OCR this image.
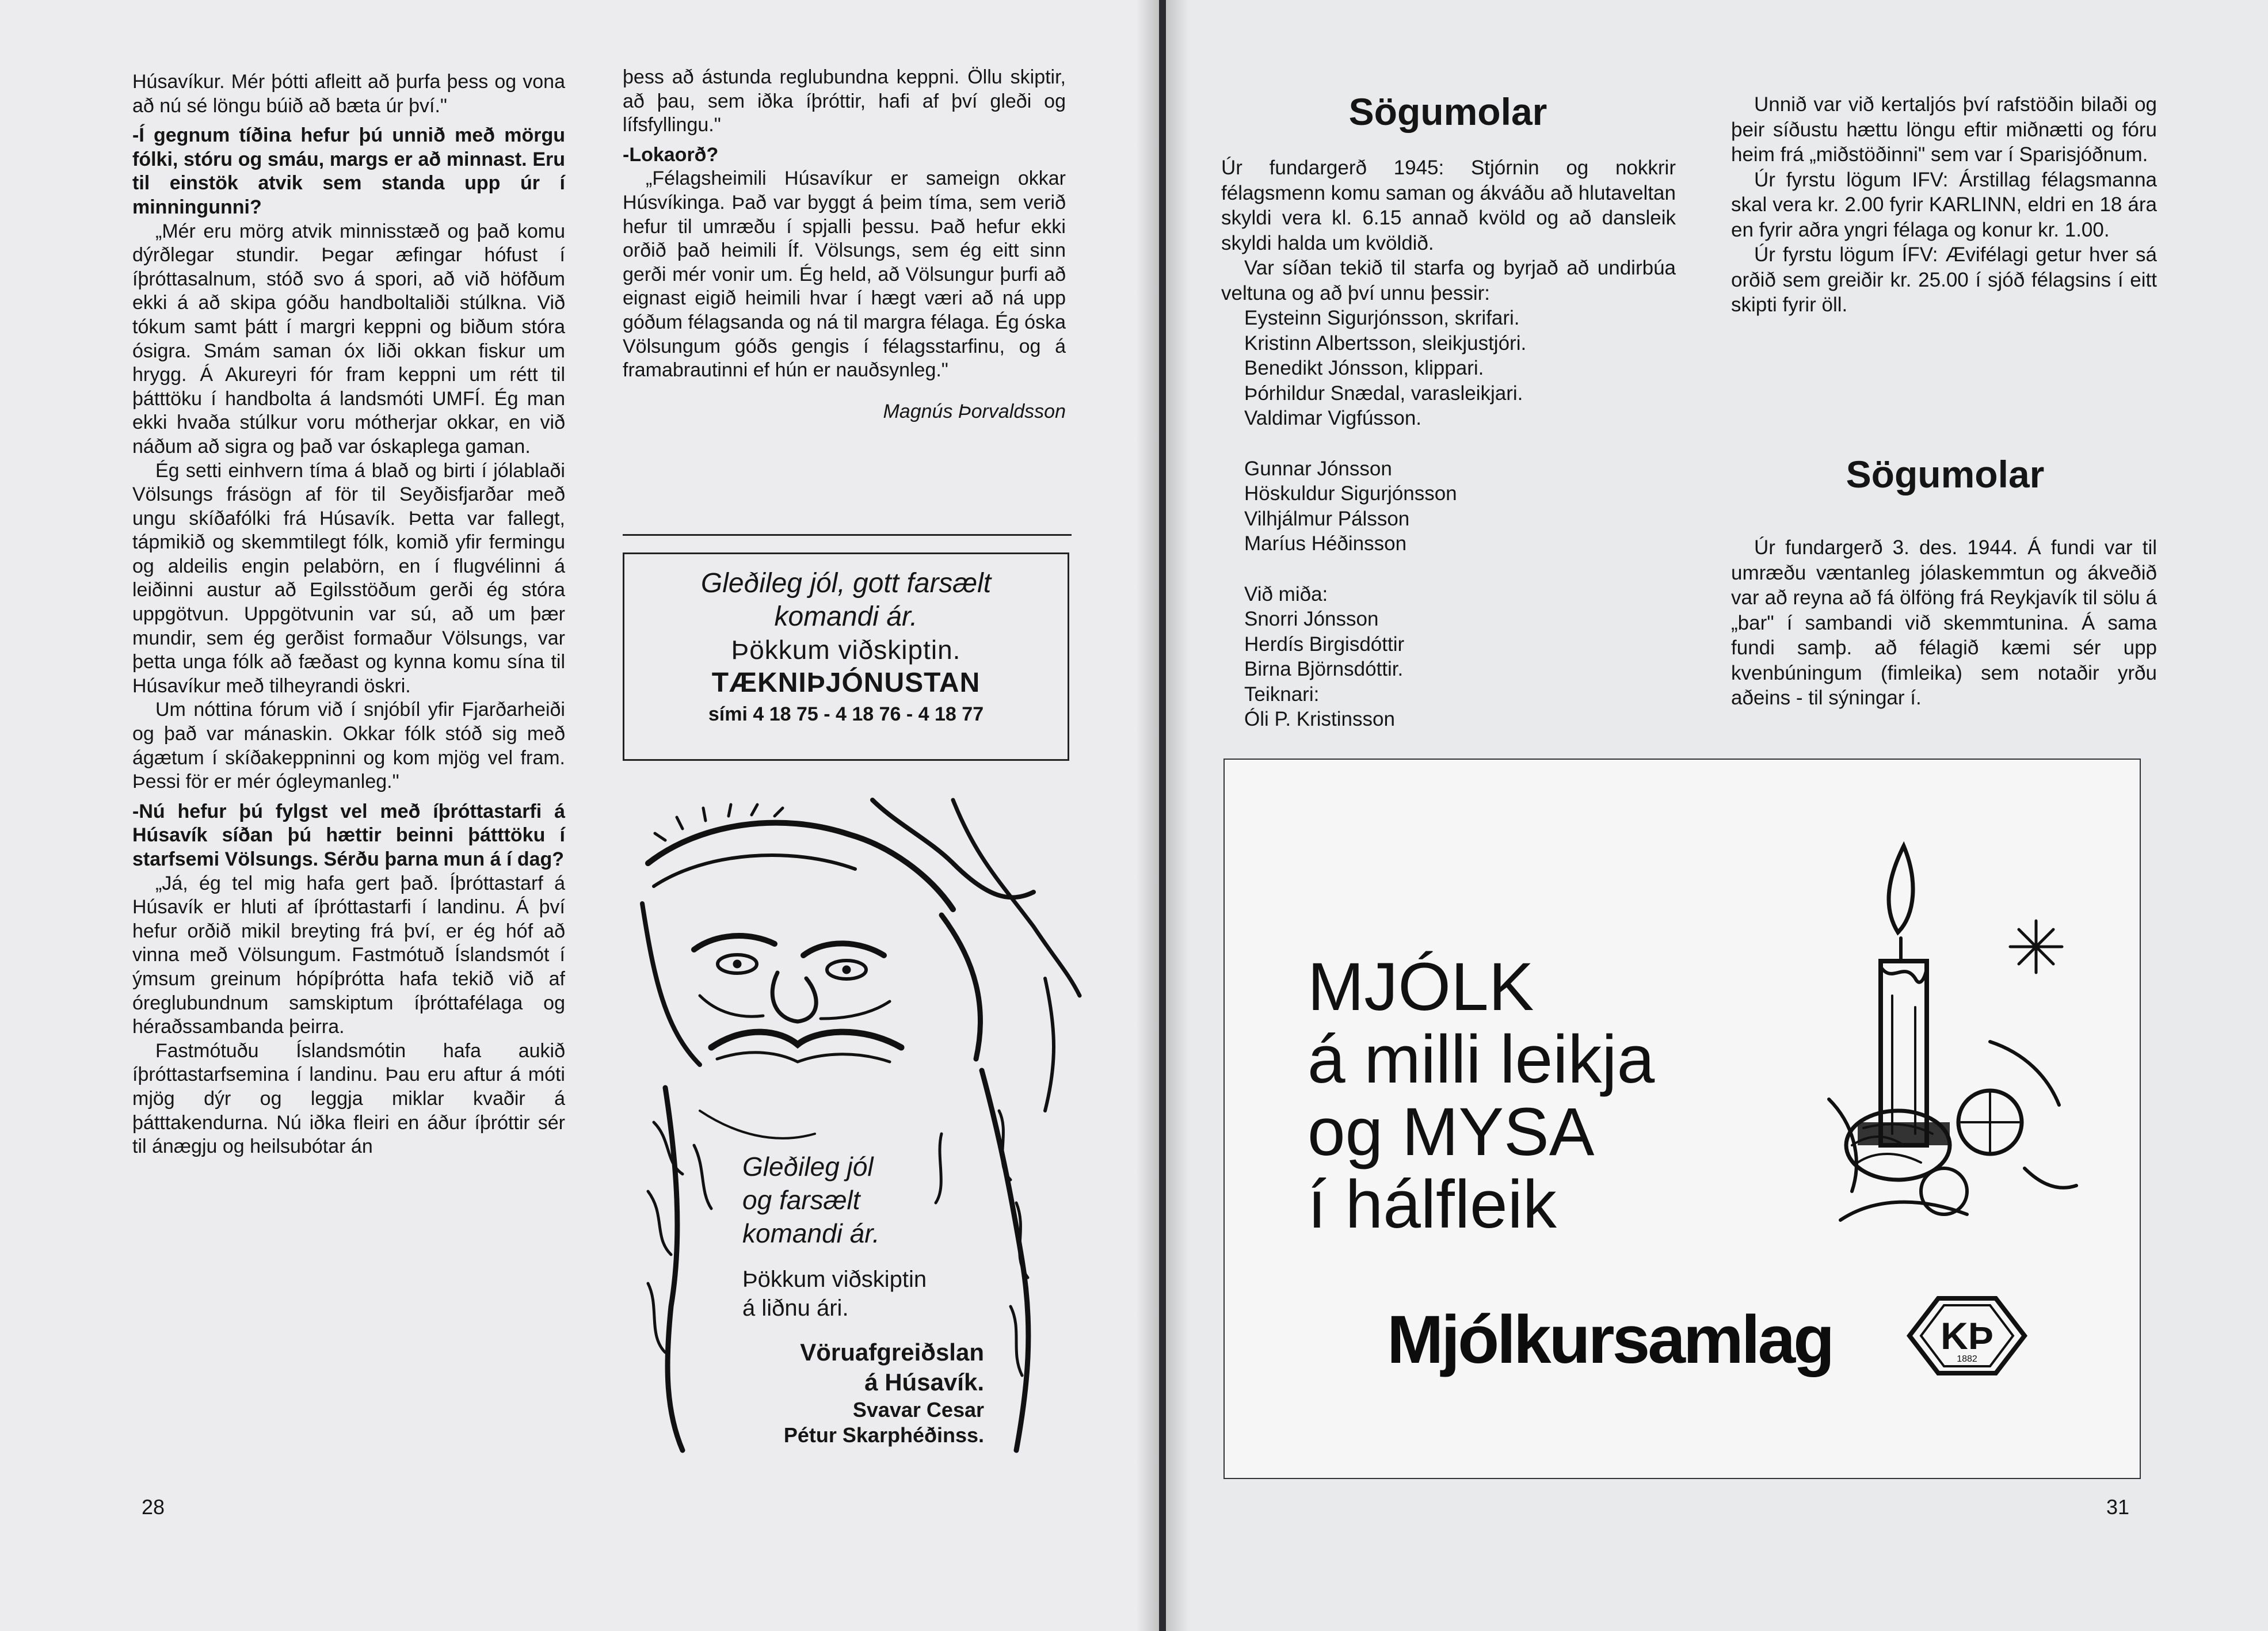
Húsavíkur. Mér þótti afleitt að þurfa þess og vona að nú sé löngu búið að bæta úr því."

-Í gegnum tíðina hefur þú unnið með mörgu fólki, stóru og smáu, margs er að minnast. Eru til einstök atvik sem standa upp úr í minningunni?

„Mér eru mörg atvik minnisstæð og það komu dýrðlegar stundir. Þegar æfingar hófust í íþróttasalnum, stóð svo á spori, að við höfðum ekki á að skipa góðu handboltaliði stúlkna. Við tókum samt þátt í margri keppni og biðum stóra ósigra. Smám saman óx liði okkan fiskur um hrygg. Á Akureyri fór fram keppni um rétt til þátttöku í handbolta á landsmóti UMFÍ. Ég man ekki hvaða stúlkur voru mótherjar okkar, en við náðum að sigra og það var óskaplega gaman.

Ég setti einhvern tíma á blað og birti í jólablaði Völsungs frásögn af för til Seyðisfjarðar með ungu skíðafólki frá Húsavík. Þetta var fallegt, tápmikið og skemmtilegt fólk, komið yfir fermingu og aldeilis engin pelabörn, en í flugvélinni á leiðinni austur að Egilsstöðum gerði ég stóra uppgötvun. Uppgötvunin var sú, að um þær mundir, sem ég gerðist formaður Völsungs, var þetta unga fólk að fæðast og kynna komu sína til Húsavíkur með tilheyrandi öskri.

Um nóttina fórum við í snjóbíl yfir Fjarðarheiði og það var mánaskin. Okkar fólk stóð sig með ágætum í skíðakeppninni og kom mjög vel fram. Þessi för er mér ógleymanleg."

-Nú hefur þú fylgst vel með íþróttastarfi á Húsavík síðan þú hættir beinni þátttöku í starfsemi Völsungs. Sérðu þarna mun á í dag?

„Já, ég tel mig hafa gert það. Íþróttastarf á Húsavík er hluti af íþróttastarfi í landinu. Á því hefur orðið mikil breyting frá því, er ég hóf að vinna með Völsungum. Fastmótuð Íslandsmót í ýmsum greinum hópíþrótta hafa tekið við af óreglubundnum samskiptum íþróttafélaga og héraðssambanda þeirra.

Fastmótuðu Íslandsmótin hafa aukið íþróttastarfsemina í landinu. Þau eru aftur á móti mjög dýr og leggja miklar kvaðir á þátttakendurna. Nú iðka fleiri en áður íþróttir sér til ánægju og heilsubótar án

þess að ástunda reglubundna keppni. Öllu skiptir, að þau, sem iðka íþróttir, hafi af því gleði og lífsfyllingu."

-Lokaorð?

„Félagsheimili Húsavíkur er sameign okkar Húsvíkinga. Það var byggt á þeim tíma, sem verið hefur til umræðu í spjalli þessu. Það hefur ekki orðið það heimili Íf. Völsungs, sem ég eitt sinn gerði mér vonir um. Ég held, að Völsungur þurfi að eignast eigið heimili hvar í hægt væri að ná upp góðum félagsanda og ná til margra félaga. Ég óska Völsungum góðs gengis í félagsstarfinu, og á framabrautinni ef hún er nauðsynleg."

Magnús Þorvaldsson
Gleðileg jól, gott farsælt
komandi ár.
Þökkum viðskiptin.
TÆKNIÞJÓNUSTAN
sími 4 18 75 - 4 18 76 - 4 18 77
Gleðileg jól
og farsælt
komandi ár.
Þökkum viðskiptin
á liðnu ári.
Vöruafgreiðslan
á Húsavík.
Svavar Cesar
Pétur Skarphéðinss.
28
Sögumolar

Úr fundargerð 1945: Stjórnin og nokkrir félagsmenn komu saman og ákváðu að hlutaveltan skyldi vera kl. 6.15 annað kvöld og að dansleik skyldi halda um kvöldið.

Var síðan tekið til starfa og byrjað að undirbúa veltuna og að því unnu þessir:

Eysteinn Sigurjónsson, skrifari.
Kristinn Albertsson, sleikjustjóri.
Benedikt Jónsson, klippari.
Þórhildur Snædal, varasleikjari.
Valdimar Vigfússon.
Gunnar Jónsson
Höskuldur Sigurjónsson
Vilhjálmur Pálsson
Maríus Héðinsson
Við miða:
Snorri Jónsson
Herdís Birgisdóttir
Birna Björnsdóttir.
Teiknari:
Óli P. Kristinsson

Unnið var við kertaljós því rafstöðin bilaði og þeir síðustu hættu löngu eftir miðnætti og fóru heim frá „miðstöðinni" sem var í Sparisjóðnum.

Úr fyrstu lögum IFV: Árstillag félagsmanna skal vera kr. 2.00 fyrir KARLINN, eldri en 18 ára en fyrir aðra yngri félaga og konur kr. 1.00.

Úr fyrstu lögum ÍFV: Ævifélagi getur hver sá orðið sem greiðir kr. 25.00 í sjóð félagsins í eitt skipti fyrir öll.

Sögumolar

Úr fundargerð 3. des. 1944. Á fundi var til umræðu væntanleg jólaskemmtun og ákveðið var að reyna að fá ölföng frá Reykjavík til sölu á „bar" í sambandi við skemmtunina. Á sama fundi samþ. að félagið kæmi sér upp kvenbúningum (fimleika) sem notaðir yrðu aðeins - til sýningar í.

MJÓLK
á milli leikja
og MYSA
í hálfleik
Mjólkursamlag	KÞ
1882
31
